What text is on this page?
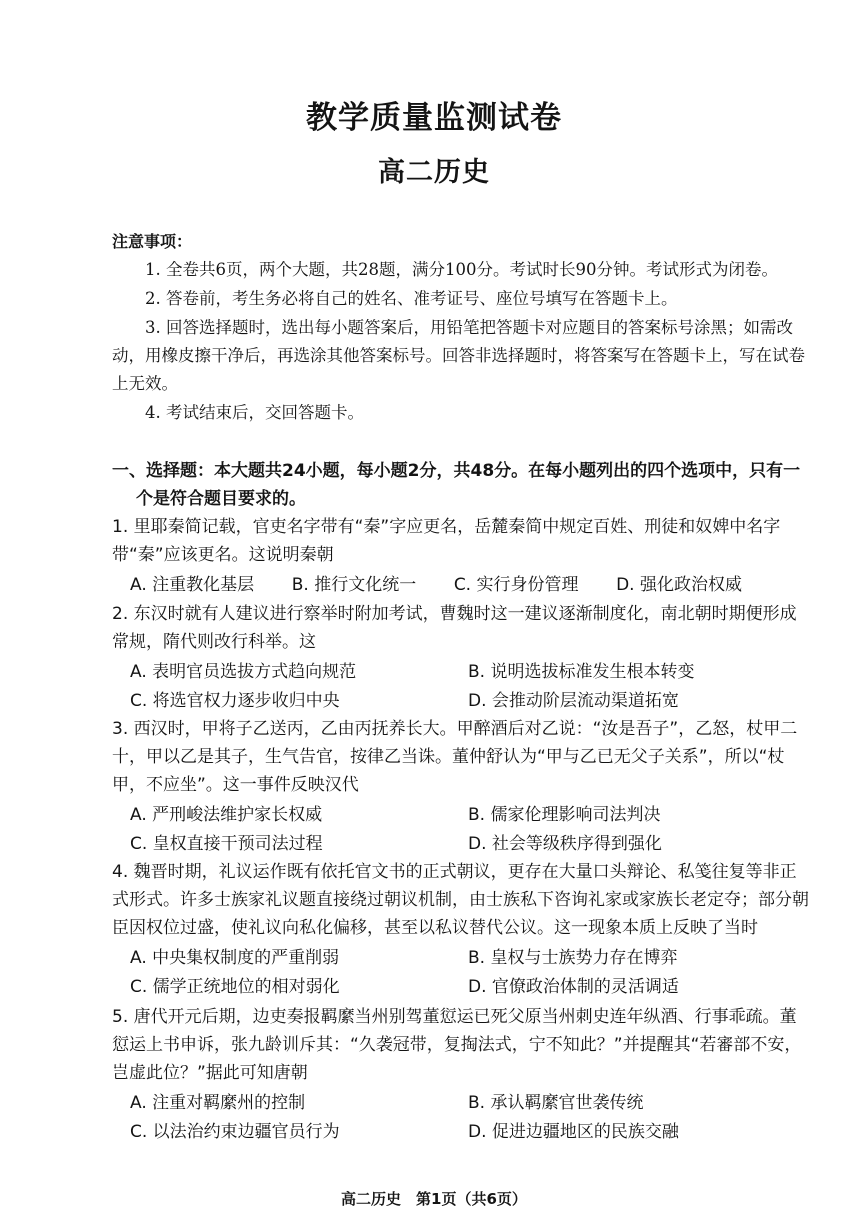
教学质量监测试卷
高二历史
注意事项：

1. 全卷共6页，两个大题，共28题，满分100分。考试时长90分钟。考试形式为闭卷。

2. 答卷前，考生务必将自己的姓名、准考证号、座位号填写在答题卡上。

3. 回答选择题时，选出每小题答案后，用铅笔把答题卡对应题目的答案标号涂黑；如需改动，用橡皮擦干净后，再选涂其他答案标号。回答非选择题时，将答案写在答题卡上，写在试卷上无效。

4. 考试结束后，交回答题卡。

一、选择题：本大题共24小题，每小题2分，共48分。在每小题列出的四个选项中，只有一个是符合题目要求的。

1. 里耶秦简记载，官吏名字带有“秦”字应更名，岳麓秦简中规定百姓、刑徒和奴婢中名字带“秦”应该更名。这说明秦朝

A. 注重教化基层 B. 推行文化统一 C. 实行身份管理 D. 强化政治权威

2. 东汉时就有人建议进行察举时附加考试，曹魏时这一建议逐渐制度化，南北朝时期便形成常规，隋代则改行科举。这

A. 表明官员选拔方式趋向规范	B. 说明选拔标准发生根本转变
C. 将选官权力逐步收归中央	D. 会推动阶层流动渠道拓宽

3. 西汉时，甲将子乙送丙，乙由丙抚养长大。甲醉酒后对乙说：“汝是吾子”，乙怒，杖甲二十，甲以乙是其子，生气告官，按律乙当诛。董仲舒认为“甲与乙已无父子关系”，所以“杖甲，不应坐”。这一事件反映汉代

A. 严刑峻法维护家长权威	B. 儒家伦理影响司法判决
C. 皇权直接干预司法过程	D. 社会等级秩序得到强化

4. 魏晋时期，礼议运作既有依托官文书的正式朝议，更存在大量口头辩论、私笺往复等非正式形式。许多士族家礼议题直接绕过朝议机制，由士族私下咨询礼家或家族长老定夺；部分朝臣因权位过盛，使礼议向私化偏移，甚至以私议替代公议。这一现象本质上反映了当时

A. 中央集权制度的严重削弱	B. 皇权与士族势力存在博弈
C. 儒学正统地位的相对弱化	D. 官僚政治体制的灵活调适

5. 唐代开元后期，边吏奏报羁縻当州别驾董愆运已死父原当州刺史连年纵酒、行事乖疏。董愆运上书申诉，张九龄训斥其：“久袭冠带，复掏法式，宁不知此？”并提醒其“若審部不安，岂虚此位？”据此可知唐朝

A. 注重对羁縻州的控制	B. 承认羁縻官世袭传统
C. 以法治约束边疆官员行为	D. 促进边疆地区的民族交融
高二历史　第1页（共6页）
